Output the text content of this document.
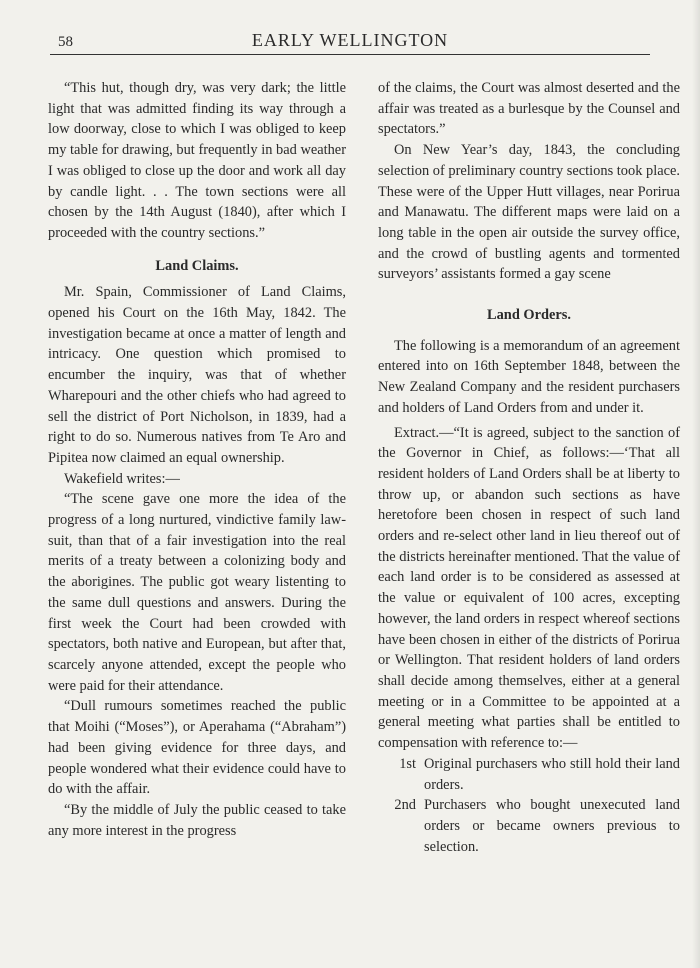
58	EARLY WELLINGTON

“This hut, though dry, was very dark; the little light that was admitted finding its way through a low doorway, close to which I was obliged to keep my table for drawing, but frequently in bad weather I was obliged to close up the door and work all day by candle light. . . The town sections were all chosen by the 14th August (1840), after which I proceeded with the country sections.”

Land Claims.

Mr. Spain, Commissioner of Land Claims, opened his Court on the 16th May, 1842. The investigation became at once a matter of length and intricacy. One question which promised to encumber the inquiry, was that of whether Wharepouri and the other chiefs who had agreed to sell the district of Port Nicholson, in 1839, had a right to do so. Numerous natives from Te Aro and Pipitea now claimed an equal ownership.

Wakefield writes:—

“The scene gave one more the idea of the progress of a long nurtured, vindictive family law-suit, than that of a fair investigation into the real merits of a treaty between a colonizing body and the aborigines. The public got weary listenting to the same dull questions and answers. During the first week the Court had been crowded with spectators, both native and European, but after that, scarcely anyone attended, except the people who were paid for their attendance.

“Dull rumours sometimes reached the public that Moihi (“Moses”), or Aperahama (“Abraham”) had been giving evidence for three days, and people wondered what their evidence could have to do with the affair.

“By the middle of July the public ceased to take any more interest in the progress

of the claims, the Court was almost deserted and the affair was treated as a burlesque by the Counsel and spectators.”

On New Year’s day, 1843, the concluding selection of preliminary country sections took place. These were of the Upper Hutt villages, near Porirua and Manawatu. The different maps were laid on a long table in the open air outside the survey office, and the crowd of bustling agents and tormented surveyors’ assistants formed a gay scene

Land Orders.

The following is a memorandum of an agreement entered into on 16th September 1848, between the New Zealand Company and the resident purchasers and holders of Land Orders from and under it.

Extract.—“It is agreed, subject to the sanction of the Governor in Chief, as follows:—‘That all resident holders of Land Orders shall be at liberty to throw up, or abandon such sections as have heretofore been chosen in respect of such land orders and re-select other land in lieu thereof out of the districts hereinafter mentioned. That the value of each land order is to be considered as assessed at the value or equivalent of 100 acres, excepting however, the land orders in respect whereof sections have been chosen in either of the districts of Porirua or Wellington. That resident holders of land orders shall decide among themselves, either at a general meeting or in a Committee to be appointed at a general meeting what parties shall be entitled to compensation with reference to:—

1st Original purchasers who still hold their land orders.
2nd Purchasers who bought unexecuted land orders or became owners previous to selection.
